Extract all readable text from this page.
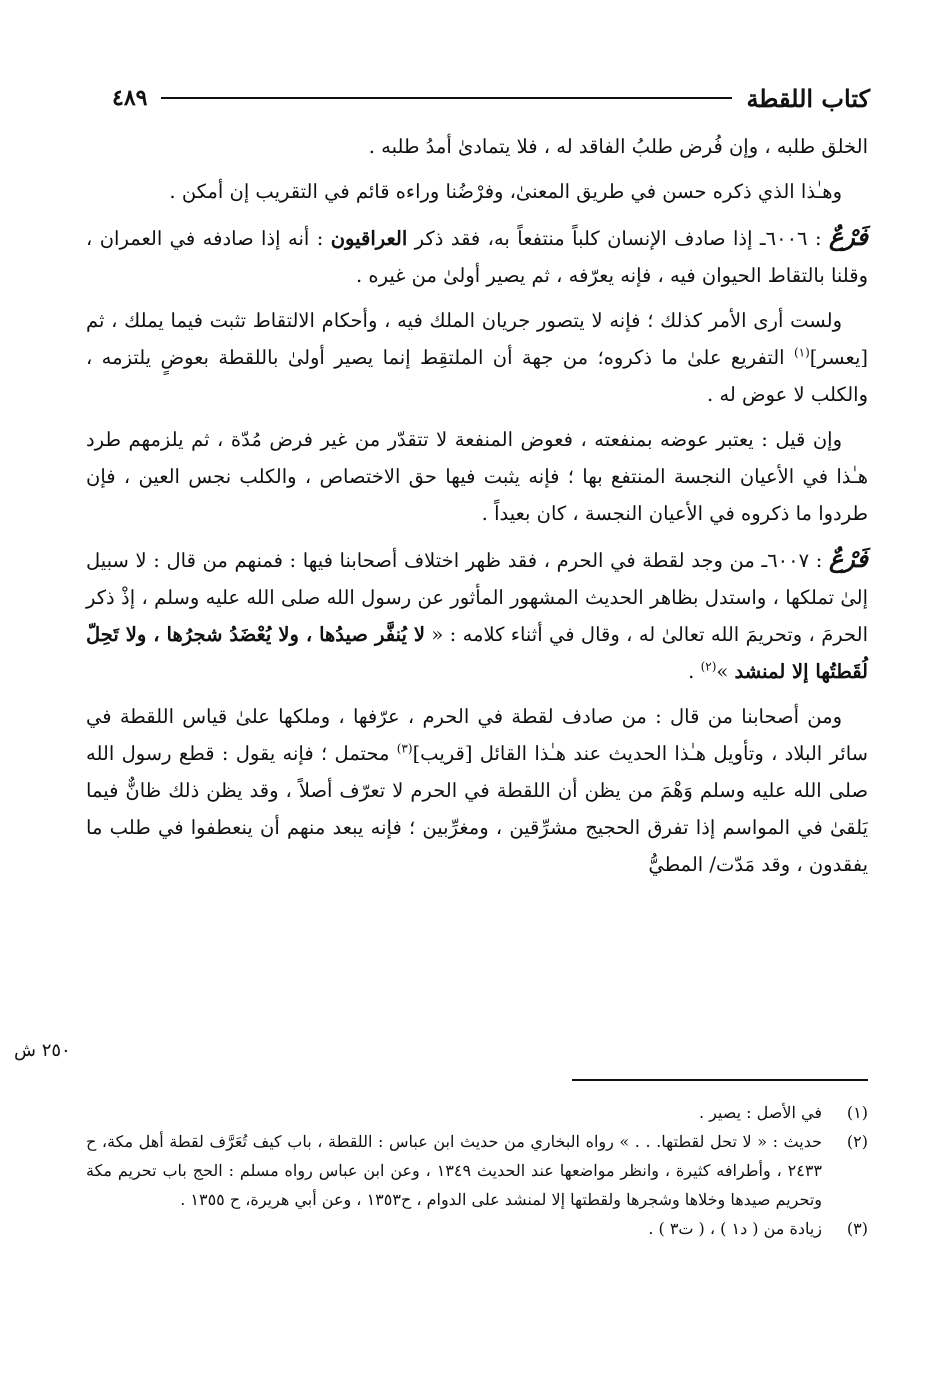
كتاب اللقطة
٤٨٩

الخلق طلبه ، وإن فُرض طلبُ الفاقد له ، فلا يتمادىٰ أمدُ طلبه .

وهـٰذا الذي ذكره حسن في طريق المعنىٰ، وفرْضُنا وراءه قائم في التقريب إن أمكن .

فَرْعٌ : ٦٠٠٦ـ إذا صادف الإنسان كلباً منتفعاً به، فقد ذكر العراقيون : أنه إذا صادفه في العمران ، وقلنا بالتقاط الحيوان فيه ، فإنه يعرّفه ، ثم يصير أولىٰ من غيره .

ولست أرى الأمر كذلك ؛ فإنه لا يتصور جريان الملك فيه ، وأحكام الالتقاط تثبت فيما يملك ، ثم [يعسر]$^{(١)}$ التفريع علىٰ ما ذكروه؛ من جهة أن الملتقِط إنما يصير أولىٰ باللقطة بعوضٍ يلتزمه ، والكلب لا عوض له .

وإن قيل : يعتبر عوضه بمنفعته ، فعوض المنفعة لا تتقدّر من غير فرض مُدّة ، ثم يلزمهم طرد هـٰذا في الأعيان النجسة المنتفع بها ؛ فإنه يثبت فيها حق الاختصاص ، والكلب نجس العين ، فإن طردوا ما ذكروه في الأعيان النجسة ، كان بعيداً .

فَرْعٌ : ٦٠٠٧ـ من وجد لقطة في الحرم ، فقد ظهر اختلاف أصحابنا فيها : فمنهم من قال : لا سبيل إلىٰ تملكها ، واستدل بظاهر الحديث المشهور المأثور عن رسول الله صلى الله عليه وسلم ، إذْ ذكر الحرمَ ، وتحريمَ الله تعالىٰ له ، وقال في أثناء كلامه : « لا يُنفَّر صيدُها ، ولا يُعْضَدُ شجرُها ، ولا تَحِلّ لُقَطتُها إلا لمنشد »$^{(٢)}$ .

ومن أصحابنا من قال : من صادف لقطة في الحرم ، عرّفها ، وملكها علىٰ قياس اللقطة في سائر البلاد ، وتأويل هـٰذا الحديث عند هـٰذا القائل [قريب]$^{(٣)}$ محتمل ؛ فإنه يقول : قطع رسول الله صلى الله عليه وسلم وَهْمَ من يظن أن اللقطة في الحرم لا تعرّف أصلاً ، وقد يظن ذلك ظانٌّ فيما يَلقىٰ في المواسم إذا تفرق الحجيج مشرِّقين ، ومغرِّبين ؛ فإنه يبعد منهم أن ينعطفوا في طلب ما يفقدون ، وقد مَدّت/ المطيُّ

٢٥٠ ش
(١)
في الأصل : يصير .
(٢)
حديث : « لا تحل لقطتها. . . » رواه البخاري من حديث ابن عباس : اللقطة ، باب كيف تُعَرَّف لقطة أهل مكة، ح ٢٤٣٣ ، وأطرافه كثيرة ، وانظر مواضعها عند الحديث ١٣٤٩ ، وعن ابن عباس رواه مسلم : الحج باب تحريم مكة وتحريم صيدها وخلاها وشجرها ولقطتها إلا لمنشد على الدوام ، ح١٣٥٣ ، وعن أبي هريرة، ح ١٣٥٥ .
(٣)
زيادة من ( د١ ) ، ( ت٣ ) .
